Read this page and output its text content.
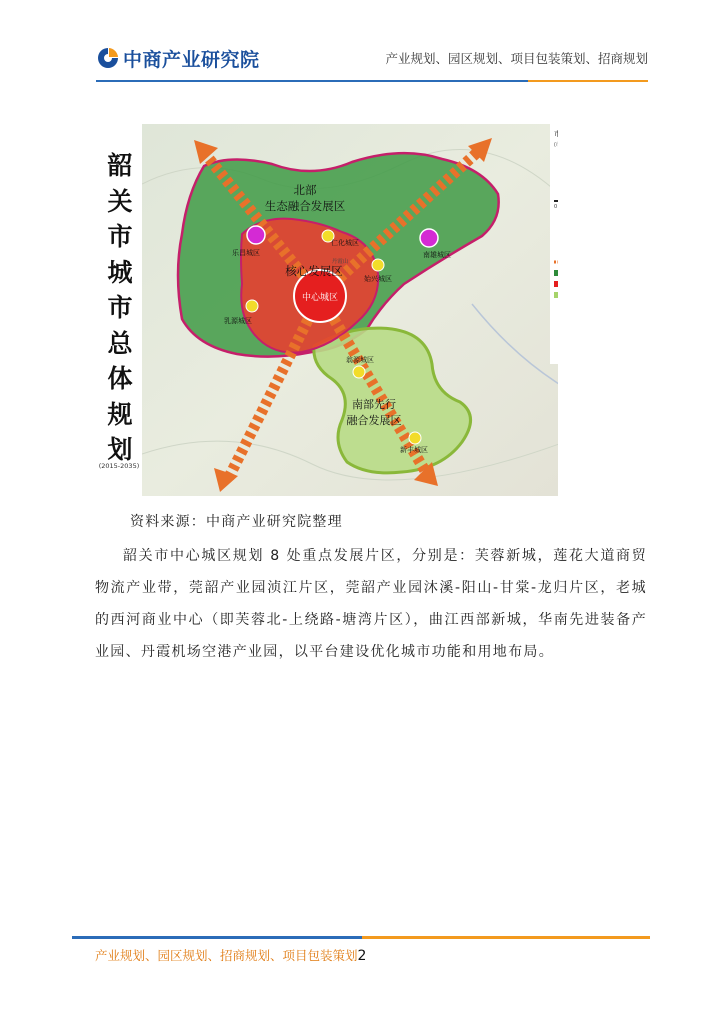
中商产业研究院	产业规划、园区规划、项目包装策划、招商规划
韶
关
市
城
市
总
体
规
划
(2015-2035)
北部
生态融合发展区
核心发展区
中心城区
南部先行
融合发展区
乐昌城区	南雄城区
仁化城区
始兴城区
乳源城区
翁源城区
新丰城区
丹霞山
市域城镇体系规划图
(市域城镇空间结构规划图)
0 5 20	40KM
图 例
主要城镇发展带
生态融合发展区
核心发展区
先行融合发展区
市级主中心
市级副中心
县城中心城市
资料来源：中商产业研究院整理
韶关市中心城区规划 8 处重点发展片区，分别是：芙蓉新城，莲花大道商贸物流产业带，莞韶产业园浈江片区，莞韶产业园沐溪-阳山-甘棠-龙归片区，老城的西河商业中心（即芙蓉北-上绕路-塘湾片区），曲江西部新城，华南先进装备产业园、丹霞机场空港产业园，以平台建设优化城市功能和用地布局。
产业规划、园区规划、招商规划、项目包装策划2
